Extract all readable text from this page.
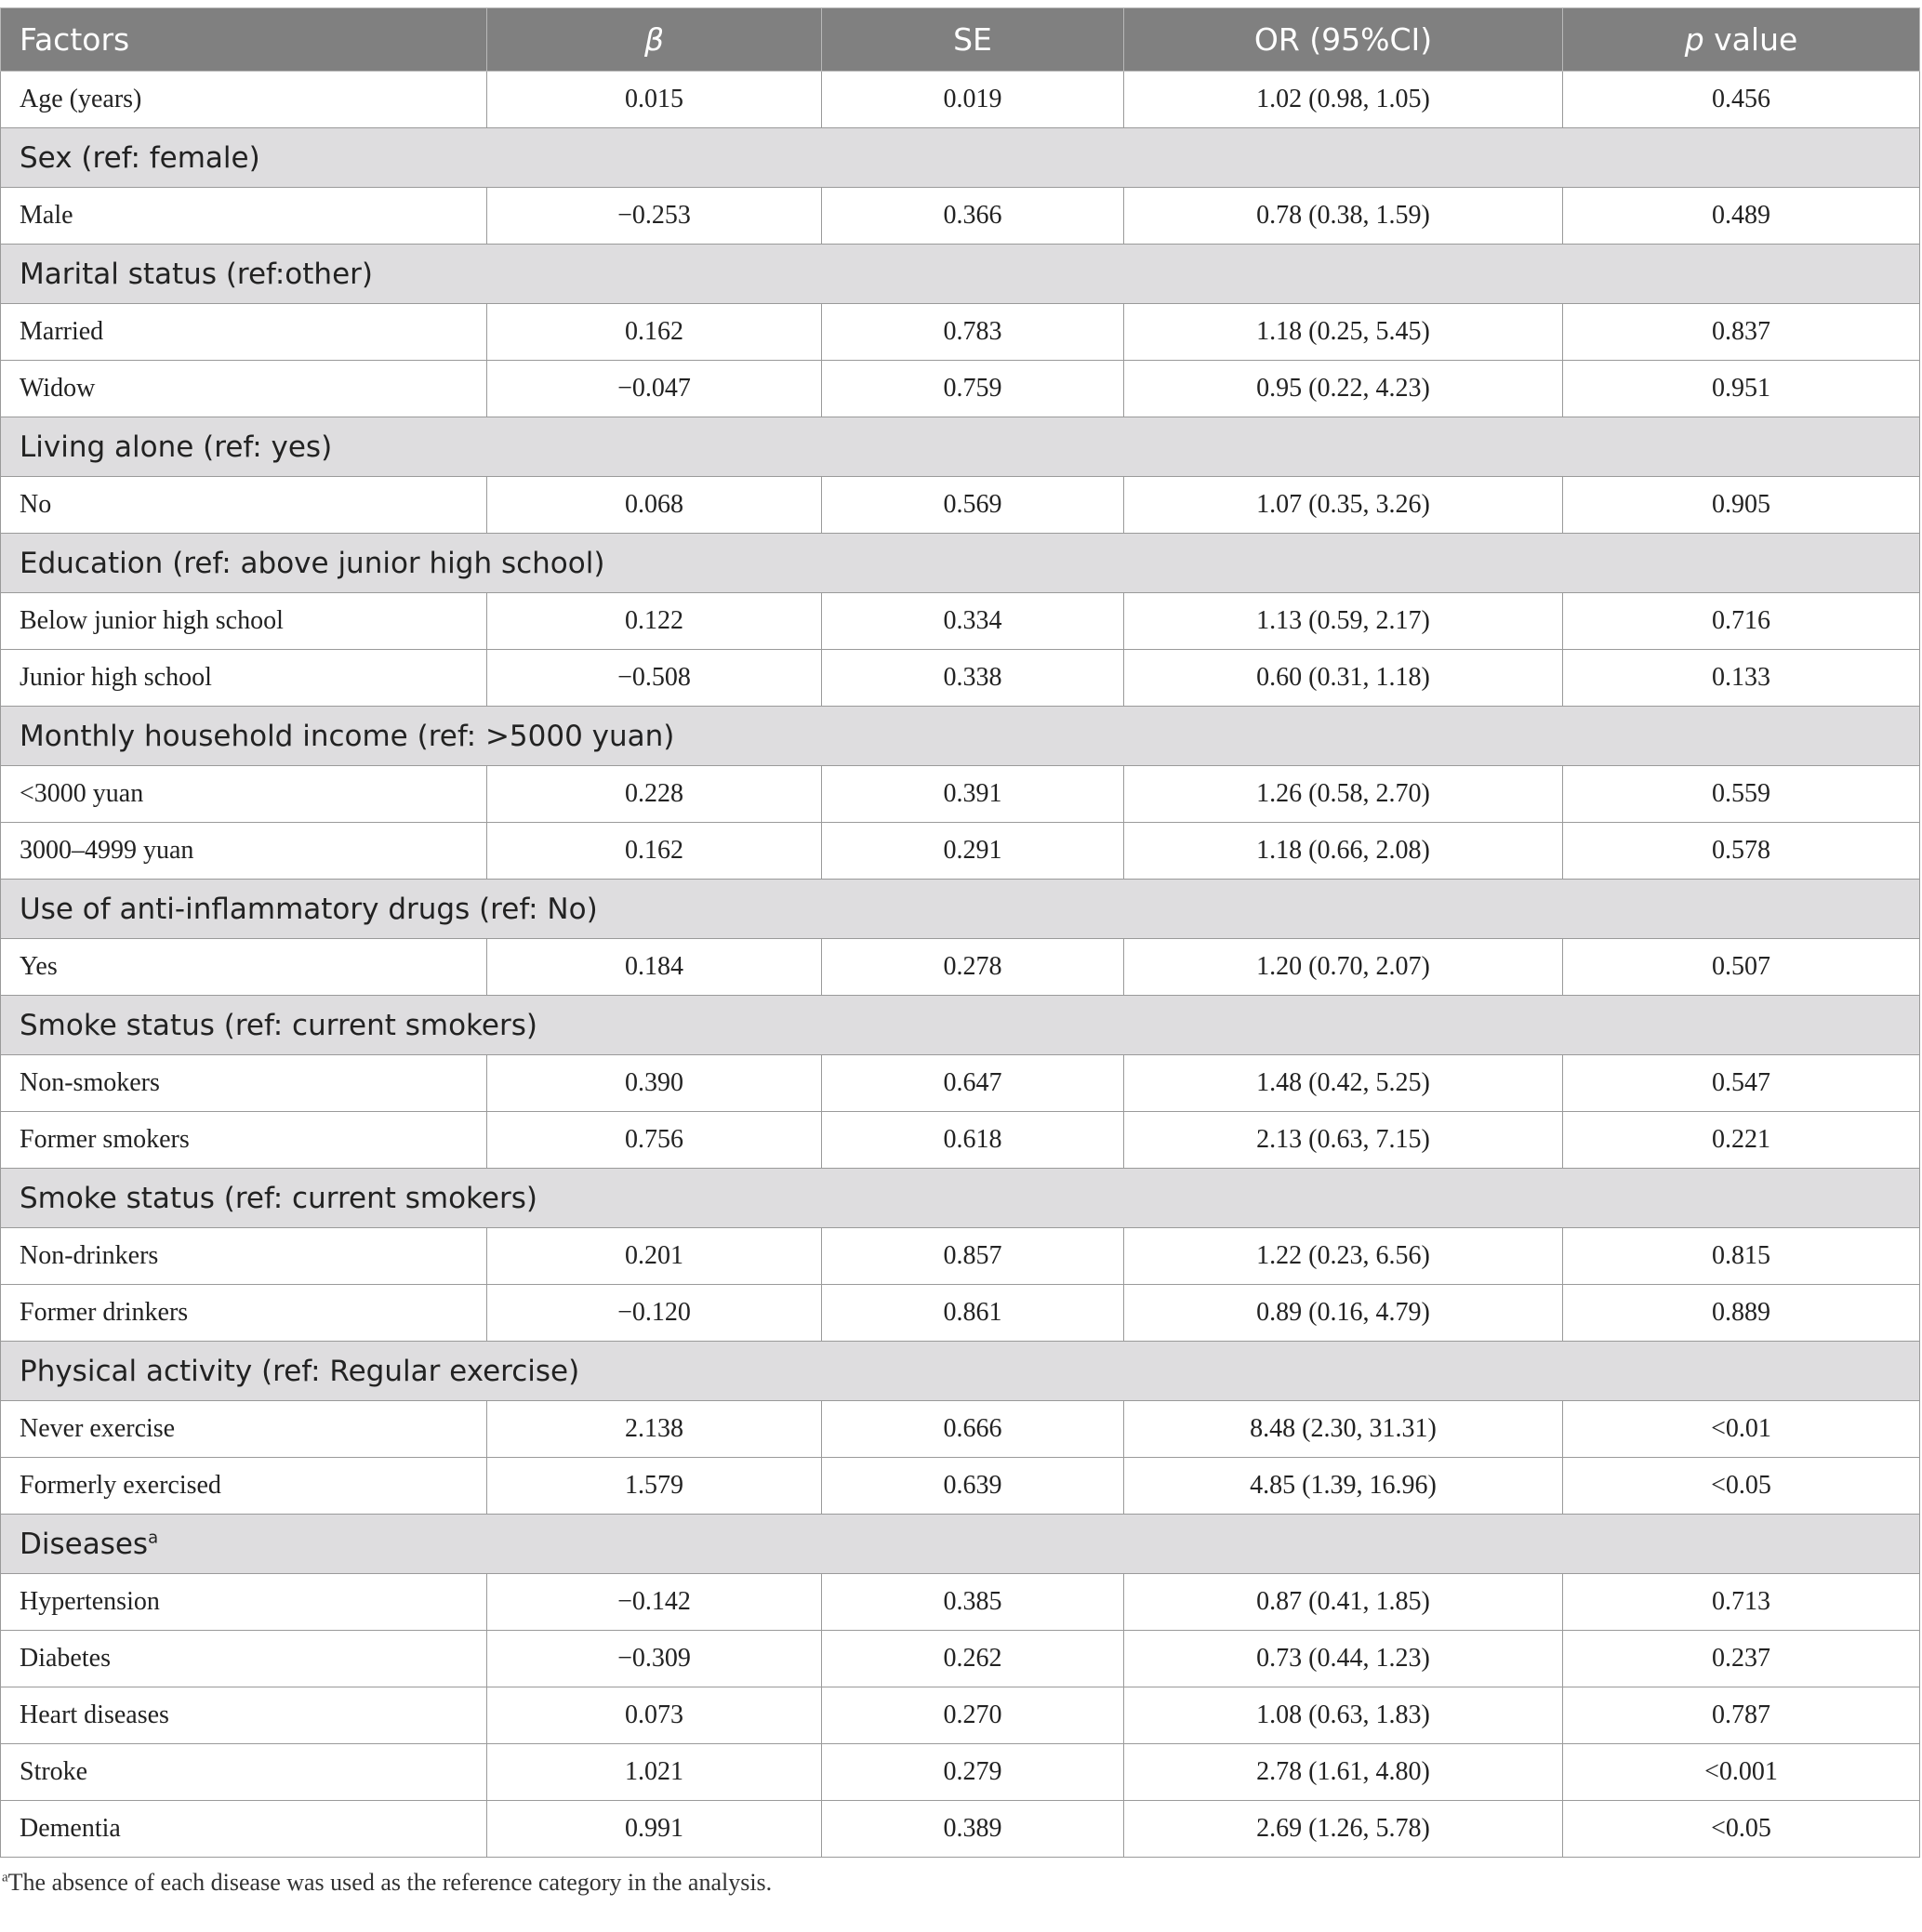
Factors	β	SE	OR (95%CI)	p value
Age (years)	0.015	0.019	1.02 (0.98, 1.05)	0.456
Sex (ref: female)				
Male	−0.253	0.366	0.78 (0.38, 1.59)	0.489
Marital status (ref:other)				
Married	0.162	0.783	1.18 (0.25, 5.45)	0.837
Widow	−0.047	0.759	0.95 (0.22, 4.23)	0.951
Living alone (ref: yes)				
No	0.068	0.569	1.07 (0.35, 3.26)	0.905
Education (ref: above junior high school)				
Below junior high school	0.122	0.334	1.13 (0.59, 2.17)	0.716
Junior high school	−0.508	0.338	0.60 (0.31, 1.18)	0.133
Monthly household income (ref: >5000 yuan)				
<3000 yuan	0.228	0.391	1.26 (0.58, 2.70)	0.559
3000–4999 yuan	0.162	0.291	1.18 (0.66, 2.08)	0.578
Use of anti-inflammatory drugs (ref: No)				
Yes	0.184	0.278	1.20 (0.70, 2.07)	0.507
Smoke status (ref: current smokers)				
Non-smokers	0.390	0.647	1.48 (0.42, 5.25)	0.547
Former smokers	0.756	0.618	2.13 (0.63, 7.15)	0.221
Smoke status (ref: current smokers)				
Non-drinkers	0.201	0.857	1.22 (0.23, 6.56)	0.815
Former drinkers	−0.120	0.861	0.89 (0.16, 4.79)	0.889
Physical activity (ref: Regular exercise)				
Never exercise	2.138	0.666	8.48 (2.30, 31.31)	<0.01
Formerly exercised	1.579	0.639	4.85 (1.39, 16.96)	<0.05
Diseases$^a$
Hypertension	−0.142	0.385	0.87 (0.41, 1.85)	0.713
Diabetes	−0.309	0.262	0.73 (0.44, 1.23)	0.237
Heart diseases	0.073	0.270	1.08 (0.63, 1.83)	0.787
Stroke	1.021	0.279	2.78 (1.61, 4.80)	<0.001
Dementia	0.991	0.389	2.69 (1.26, 5.78)	<0.05
$^a$The absence of each disease was used as the reference category in the analysis.
